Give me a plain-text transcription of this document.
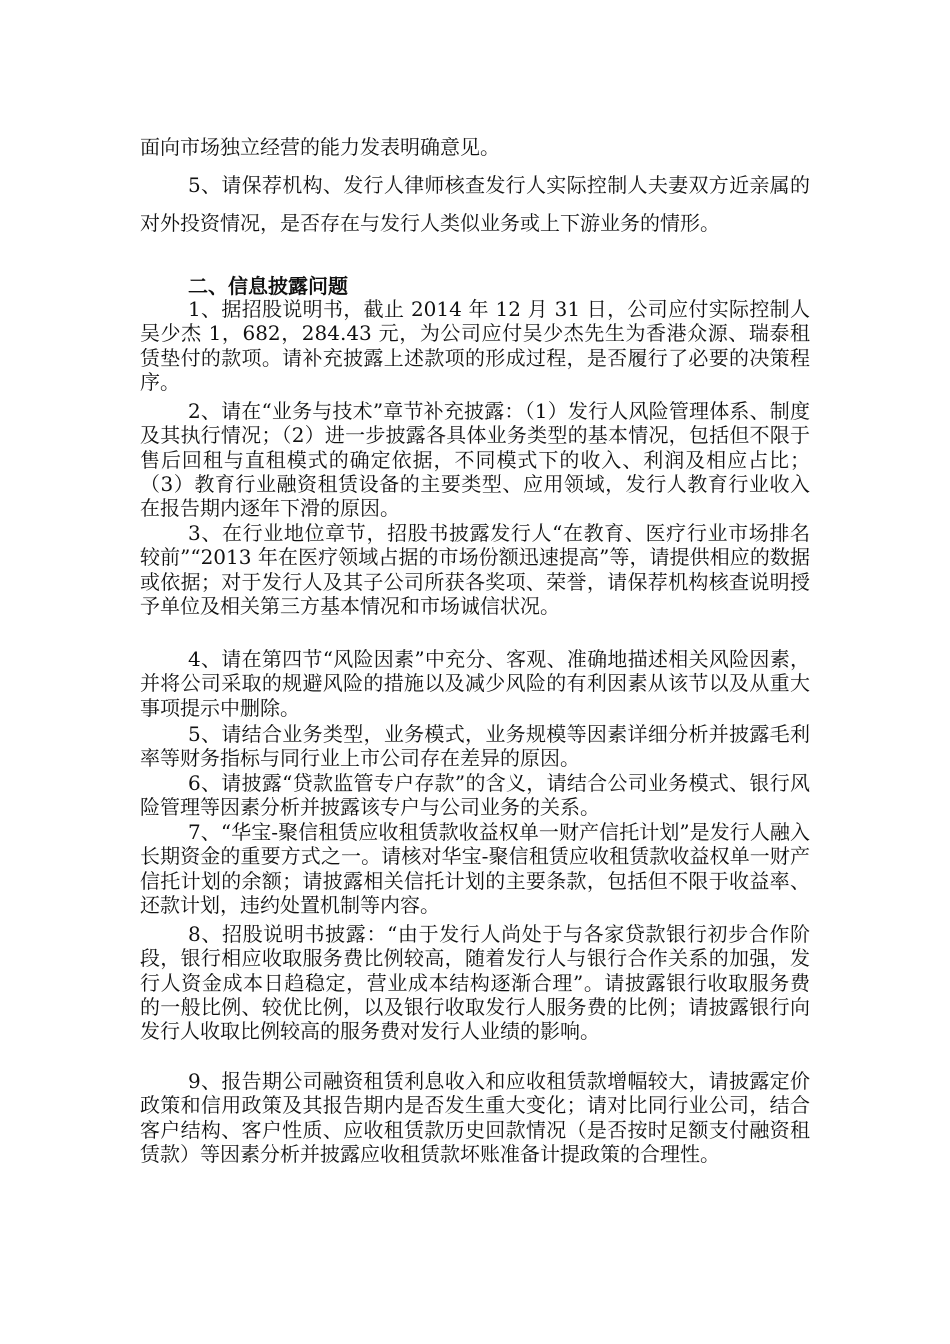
面向市场独立经营的能力发表明确意见。

5、请保荐机构、发行人律师核查发行人实际控制人夫妻双方近亲属的对外投资情况，是否存在与发行人类似业务或上下游业务的情形。

二、信息披露问题

1、据招股说明书，截止 2014 年 12 月 31 日，公司应付实际控制人吴少杰 1，682，284.43 元，为公司应付吴少杰先生为香港众源、瑞泰租赁垫付的款项。请补充披露上述款项的形成过程，是否履行了必要的决策程序。

2、请在“业务与技术”章节补充披露：（1）发行人风险管理体系、制度及其执行情况；（2）进一步披露各具体业务类型的基本情况，包括但不限于售后回租与直租模式的确定依据，不同模式下的收入、利润及相应占比；（3）教育行业融资租赁设备的主要类型、应用领域，发行人教育行业收入在报告期内逐年下滑的原因。

3、在行业地位章节，招股书披露发行人“在教育、医疗行业市场排名较前”“2013 年在医疗领域占据的市场份额迅速提高”等，请提供相应的数据或依据；对于发行人及其子公司所获各奖项、荣誉，请保荐机构核查说明授予单位及相关第三方基本情况和市场诚信状况。

4、请在第四节“风险因素”中充分、客观、准确地描述相关风险因素，并将公司采取的规避风险的措施以及减少风险的有利因素从该节以及从重大事项提示中删除。

5、请结合业务类型，业务模式，业务规模等因素详细分析并披露毛利率等财务指标与同行业上市公司存在差异的原因。

6、请披露“贷款监管专户存款”的含义，请结合公司业务模式、银行风险管理等因素分析并披露该专户与公司业务的关系。

7、“华宝-聚信租赁应收租赁款收益权单一财产信托计划”是发行人融入长期资金的重要方式之一。请核对华宝-聚信租赁应收租赁款收益权单一财产信托计划的余额；请披露相关信托计划的主要条款，包括但不限于收益率、还款计划，违约处置机制等内容。

8、招股说明书披露：“由于发行人尚处于与各家贷款银行初步合作阶段，银行相应收取服务费比例较高，随着发行人与银行合作关系的加强，发行人资金成本日趋稳定，营业成本结构逐渐合理”。请披露银行收取服务费的一般比例、较优比例，以及银行收取发行人服务费的比例；请披露银行向发行人收取比例较高的服务费对发行人业绩的影响。

9、报告期公司融资租赁利息收入和应收租赁款增幅较大，请披露定价政策和信用政策及其报告期内是否发生重大变化；请对比同行业公司，结合客户结构、客户性质、应收租赁款历史回款情况（是否按时足额支付融资租赁款）等因素分析并披露应收租赁款坏账准备计提政策的合理性。
